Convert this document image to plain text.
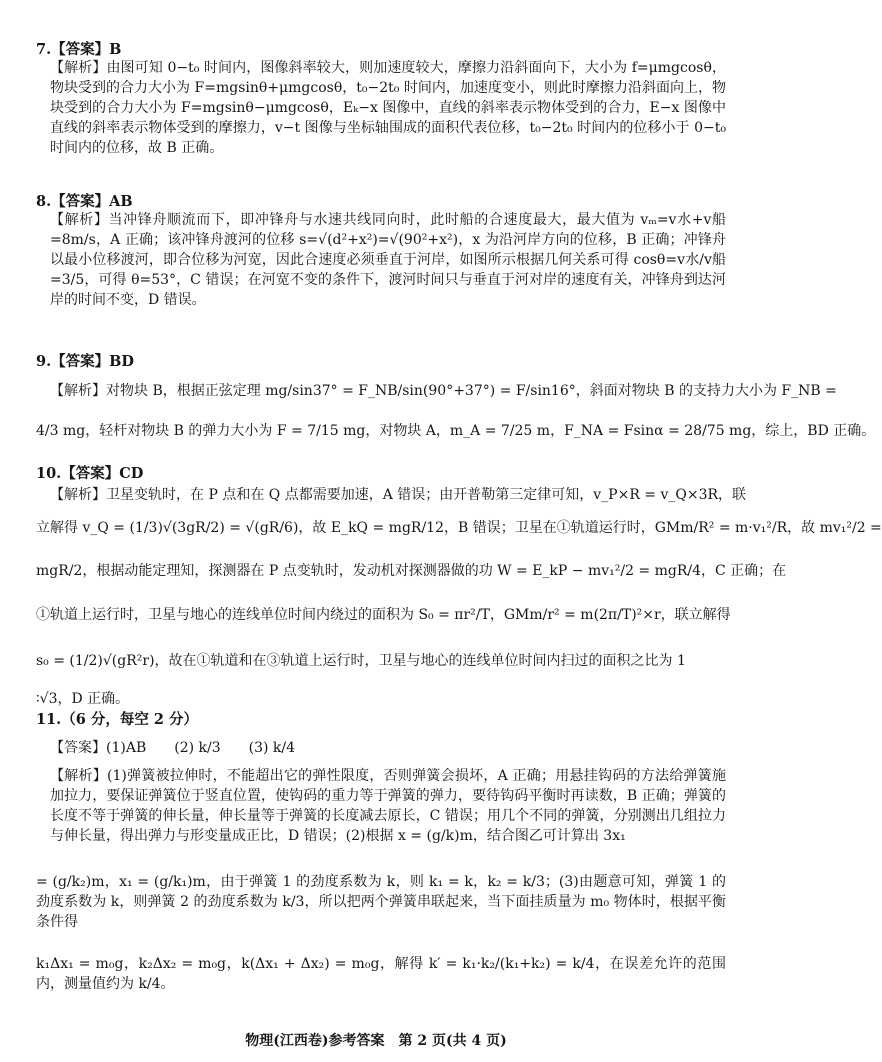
7.【答案】B
【解析】由图可知 0−t₀ 时间内，图像斜率较大，则加速度较大，摩擦力沿斜面向下，大小为 f=μmgcosθ，物块受到的合力大小为 F=mgsinθ+μmgcosθ，t₀−2t₀ 时间内，加速度变小，则此时摩擦力沿斜面向上，物块受到的合力大小为 F=mgsinθ−μmgcosθ，Eₖ−x 图像中，直线的斜率表示物体受到的合力，E−x 图像中直线的斜率表示物体受到的摩擦力，v−t 图像与坐标轴围成的面积代表位移，t₀−2t₀ 时间内的位移小于 0−t₀ 时间内的位移，故 B 正确。
8.【答案】AB
【解析】当冲锋舟顺流而下，即冲锋舟与水速共线同向时，此时船的合速度最大，最大值为 vₘ=v水+v船=8m/s，A 正确；该冲锋舟渡河的位移 s=√(d²+x²)=√(90²+x²)，x 为沿河岸方向的位移，B 正确；冲锋舟以最小位移渡河，即合位移为河宽，因此合速度必须垂直于河岸，如图所示根据几何关系可得 cosθ=v水/v船=3/5，可得 θ=53°，C 错误；在河宽不变的条件下，渡河时间只与垂直于河对岸的速度有关，冲锋舟到达河岸的时间不变，D 错误。
9.【答案】BD
【解析】对物块 B，根据正弦定理 mg/sin37° = F_NB/sin(90°+37°) = F/sin16°，斜面对物块 B 的支持力大小为 F_NB =
4/3 mg，轻杆对物块 B 的弹力大小为 F = 7/15 mg，对物块 A，m_A = 7/25 m，F_NA = Fsinα = 28/75 mg，综上，BD 正确。
10.【答案】CD
【解析】卫星变轨时，在 P 点和在 Q 点都需要加速，A 错误；由开普勒第三定律可知，v_P×R = v_Q×3R，联
立解得 v_Q = (1/3)√(3gR/2) = √(gR/6)，故 E_kQ = mgR/12，B 错误；卫星在①轨道运行时，GMm/R² = m·v₁²/R，故 mv₁²/2 =
mgR/2，根据动能定理知，探测器在 P 点变轨时，发动机对探测器做的功 W = E_kP − mv₁²/2 = mgR/4，C 正确；在
①轨道上运行时，卫星与地心的连线单位时间内绕过的面积为 S₀ = πr²/T，GMm/r² = m(2π/T)²×r，联立解得
s₀ = (1/2)√(gR²r)，故在①轨道和在③轨道上运行时，卫星与地心的连线单位时间内扫过的面积之比为 1
∶√3，D 正确。
11.（6 分，每空 2 分）
【答案】(1)AB　　(2) k/3　　(3) k/4
【解析】(1)弹簧被拉伸时，不能超出它的弹性限度，否则弹簧会损坏，A 正确；用悬挂钩码的方法给弹簧施加拉力，要保证弹簧位于竖直位置，使钩码的重力等于弹簧的弹力，要待钩码平衡时再读数，B 正确；弹簧的长度不等于弹簧的伸长量，伸长量等于弹簧的长度减去原长，C 错误；用几个不同的弹簧，分别测出几组拉力与伸长量，得出弹力与形变量成正比，D 错误；(2)根据 x = (g/k)m，结合图乙可计算出 3x₁
= (g/k₂)m，x₁ = (g/k₁)m，由于弹簧 1 的劲度系数为 k，则 k₁ = k，k₂ = k/3；(3)由题意可知，弹簧 1 的劲度系数为 k，则弹簧 2 的劲度系数为 k/3，所以把两个弹簧串联起来，当下面挂质量为 m₀ 物体时，根据平衡条件得
k₁Δx₁ = m₀g，k₂Δx₂ = m₀g，k(Δx₁ + Δx₂) = m₀g，解得 k′ = k₁·k₂/(k₁+k₂) = k/4，在误差允许的范围内，测量值约为 k/4。
物理(江西卷)参考答案　第 2 页(共 4 页)
